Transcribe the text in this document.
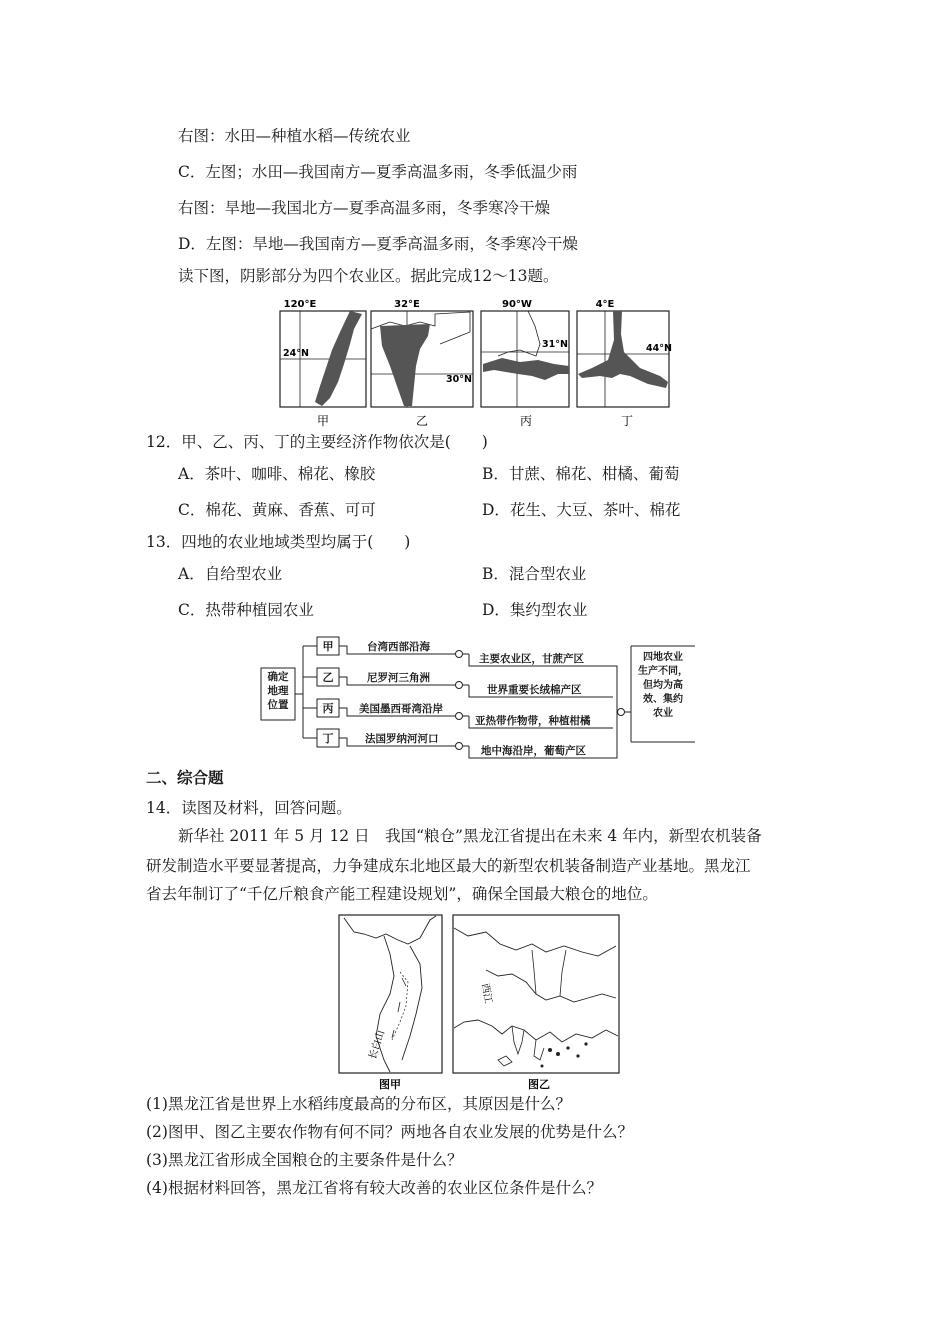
右图：水田—种植水稻—传统农业
C．左图；水田—我国南方—夏季高温多雨，冬季低温少雨
右图：旱地—我国北方—夏季高温多雨，冬季寒冷干燥
D．左图：旱地—我国南方—夏季高温多雨，冬季寒冷干燥
读下图，阴影部分为四个农业区。据此完成12～13题。
120°E
24°N
甲
32°E
30°N
乙
90°W
31°N
丙
4°E
44°N
丁
12．甲、乙、丙、丁的主要经济作物依次是(　　)
A．茶叶、咖啡、棉花、橡胶	B．甘蔗、棉花、柑橘、葡萄
C．棉花、黄麻、香蕉、可可	D．花生、大豆、茶叶、棉花
13．四地的农业地域类型均属于(　　)
A．自给型农业	B．混合型农业
C．热带种植园农业	D．集约型农业
确定
地理
位置
甲
乙
丙
丁
台湾西部沿海
尼罗河三角洲
美国墨西哥湾沿岸
法国罗纳河河口
主要农业区，甘蔗产区
世界重要长绒棉产区
亚热带作物带，种植柑橘
地中海沿岸，葡萄产区
四地农业
生产不同，
但均为高
效、集约
农业
二、综合题
14．读图及材料，回答问题。
新华社 2011 年 5 月 12 日　我国“粮仓”黑龙江省提出在未来 4 年内，新型农机装备
研发制造水平要显著提高，力争建成东北地区最大的新型农机装备制造产业基地。黑龙江
省去年制订了“千亿斤粮食产能工程建设规划”，确保全国最大粮仓的地位。
长白山
图甲
西江
图乙
(1)黑龙江省是世界上水稻纬度最高的分布区，其原因是什么？
(2)图甲、图乙主要农作物有何不同？两地各自农业发展的优势是什么？
(3)黑龙江省形成全国粮仓的主要条件是什么？
(4)根据材料回答，黑龙江省将有较大改善的农业区位条件是什么？
